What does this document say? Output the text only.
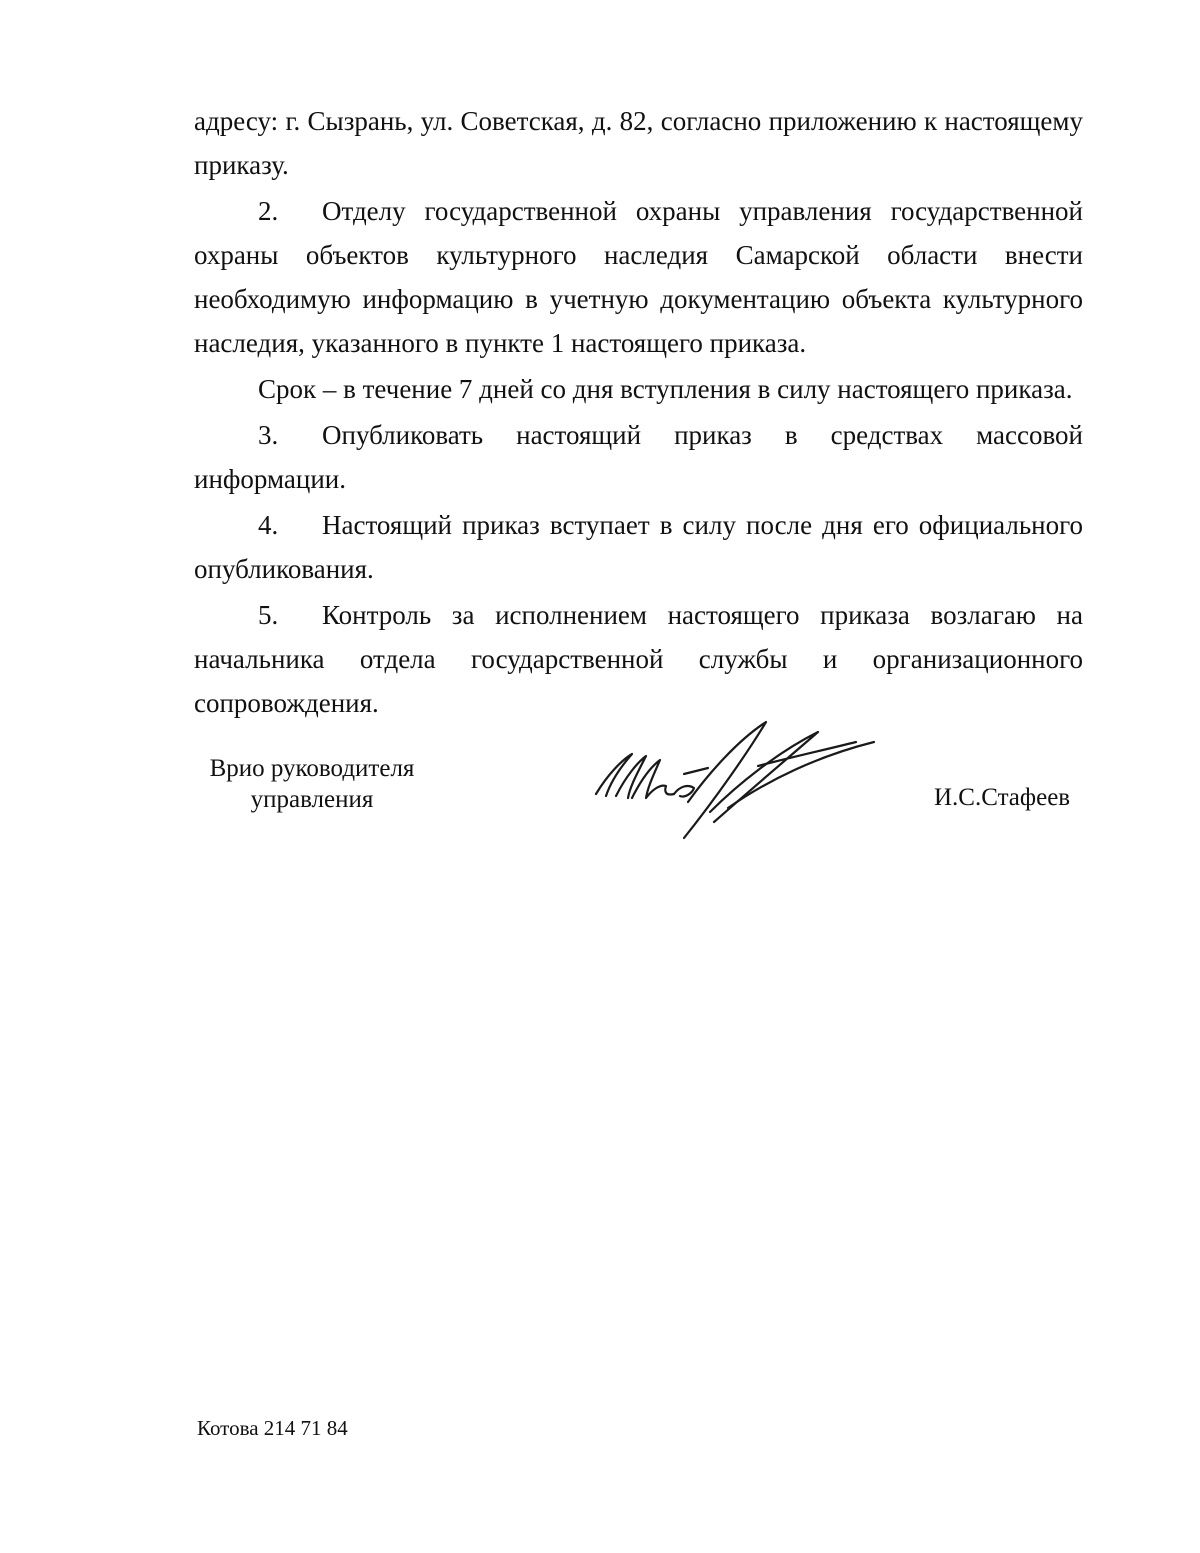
адресу: г. Сызрань, ул. Советская, д. 82, согласно приложению к настоящему приказу.

2. Отделу государственной охраны управления государственной охраны объектов культурного наследия Самарской области внести необходимую информацию в учетную документацию объекта культурного наследия, указанного в пункте 1 настоящего приказа.

Срок – в течение 7 дней со дня вступления в силу настоящего приказа.

3. Опубликовать настоящий приказ в средствах массовой информации.

4. Настоящий приказ вступает в силу после дня его официального опубликования.

5. Контроль за исполнением настоящего приказа возлагаю на начальника отдела государственной службы и организационного сопровождения.

Врио руководителя
управления	И.С.Стафеев
Котова 214 71 84
